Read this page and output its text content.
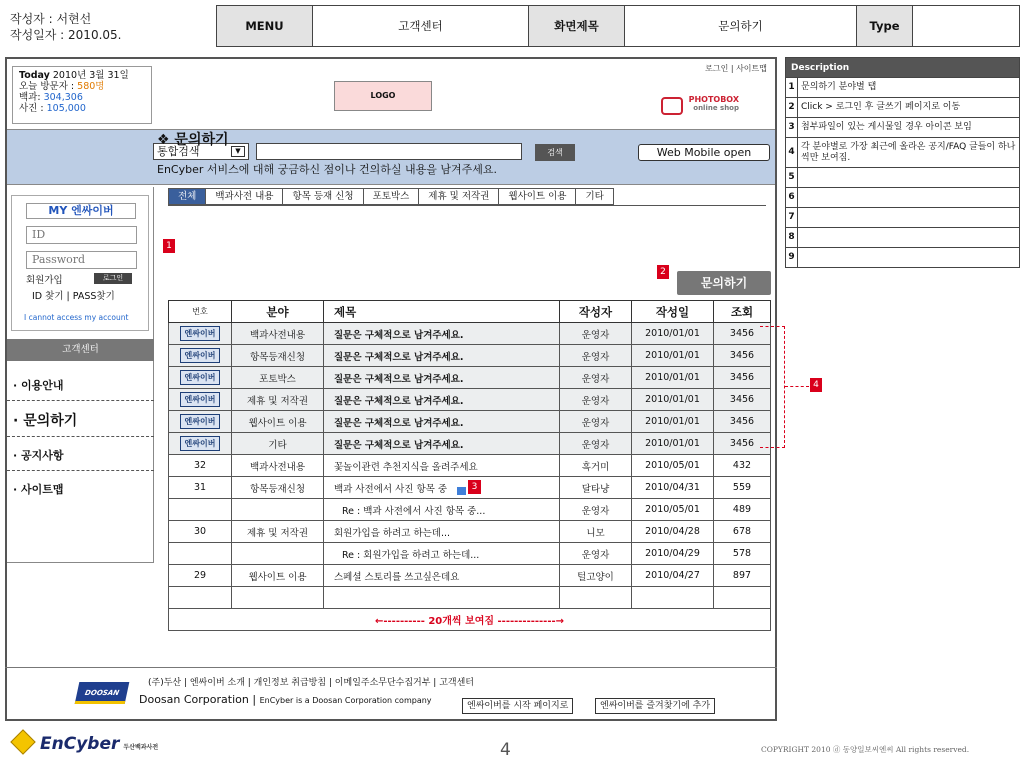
작성자 : 서현선
작성일자 : 2010.05.
MENU	고객센터	화면제목	문의하기	Type	
Today 2010년 3월 31일
오늘 방문자 : 580명
백과: 304,306
사진 : 105,000
LOGO
로그인 | 사이트맵
PHOTOBOX
online shop
통합검색	▼	검색	Web Mobile open
MY 엔싸이버
ID
Password
회원가입	로그인
ID 찾기 | PASS찾기
I cannot access my account
고객센터
· 이용안내
· 문의하기
· 공지사항
· 사이트맵
❖ 문의하기
EnCyber 서비스에 대해 궁금하신 점이나 건의하실 내용을 남겨주세요.
1
전체	백과사전 내용	항목 등재 신청	포토박스	제휴 및 저작권	웹사이트 이용	기타
2
문의하기
번호	분야	제목	작성자	작성일	조회
엔싸이버	백과사전내용	질문은 구체적으로 남겨주세요.	운영자	2010/01/01	3456
엔싸이버	항목등재신청	질문은 구체적으로 남겨주세요.	운영자	2010/01/01	3456
엔싸이버	포토박스	질문은 구체적으로 남겨주세요.	운영자	2010/01/01	3456
엔싸이버	제휴 및 저작권	질문은 구체적으로 남겨주세요.	운영자	2010/01/01	3456
엔싸이버	웹사이트 이용	질문은 구체적으로 남겨주세요.	운영자	2010/01/01	3456
엔싸이버	기타	질문은 구체적으로 남겨주세요.	운영자	2010/01/01	3456
32	백과사전내용	꽃놀이관련 추천지식을 올려주세요	흑거미	2010/05/01	432
31	항목등재신청	백과 사전에서 사진 항목 중	달타냥	2010/04/31	559
		Re : 백과 사전에서 사진 항목 중...	운영자	2010/05/01	489
30	제휴 및 저작권	회원가입을 하려고 하는데...	니모	2010/04/28	678
		Re : 회원가입을 하려고 하는데...	운영자	2010/04/29	578
29	웹사이트 이용	스페셜 스토리를 쓰고싶은데요	털고양이	2010/04/27	897

←---------- 20개씩 보여짐 --------------→					
3
4
DOOSAN
(주)두산 | 엔싸이버 소개 | 개인정보 취급방침 | 이메일주소무단수집거부 | 고객센터
Doosan Corporation | EnCyber is a Doosan Corporation company
엔싸이버를 시작 페이지로	엔싸이버를 즐겨찾기에 추가
Description	
1	문의하기 분야별 탭
2	Click > 로그인 후 글쓰기 페이지로 이동
3	첨부파일이 있는 게시물일 경우 아이콘 보임
4	각 분야별로 가장 최근에 올라온 공지/FAQ 글들이 하나씩만 보여짐.
5	
6	
7	
8	
9	
EnCyber 두산백과사전	4	COPYRIGHT 2010 ⓓ 동양일보씨엔씨 All rights reserved.
